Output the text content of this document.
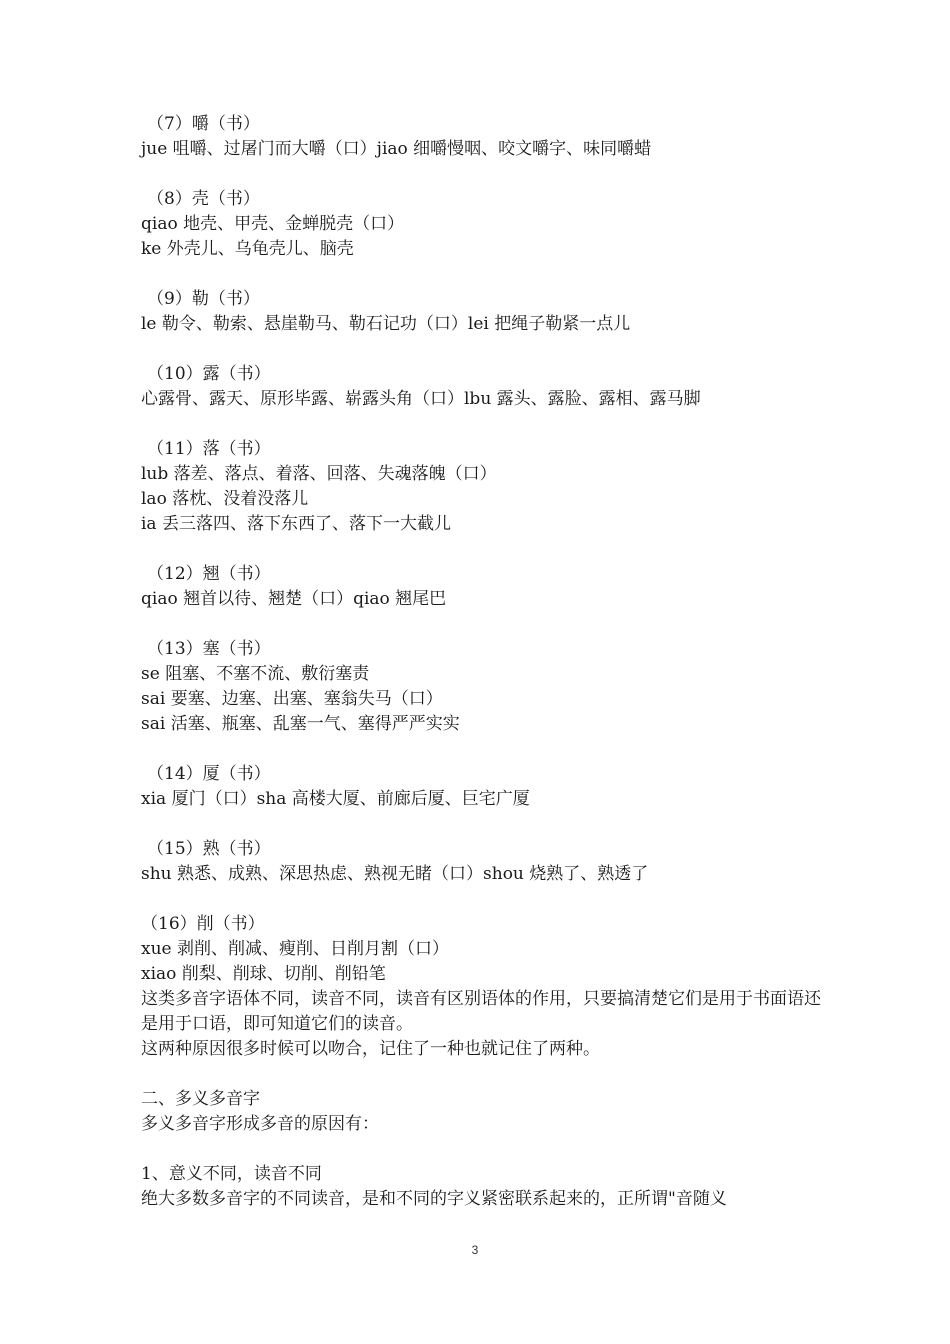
（7）嚼（书）
jue 咀嚼、过屠门而大嚼（口）jiao 细嚼慢咽、咬文嚼字、味同嚼蜡
（8）壳（书）
qiao 地壳、甲壳、金蝉脱壳（口）
ke 外壳儿、乌龟壳儿、脑壳
（9）勒（书）
le 勒令、勒索、悬崖勒马、勒石记功（口）lei 把绳子勒紧一点儿
（10）露（书）
心露骨、露天、原形毕露、崭露头角（口）lbu 露头、露脸、露相、露马脚
（11）落（书）
lub 落差、落点、着落、回落、失魂落魄（口）
lao 落枕、没着没落儿
ia 丢三落四、落下东西了、落下一大截儿
（12）翘（书）
qiao 翘首以待、翘楚（口）qiao 翘尾巴
（13）塞（书）
se 阻塞、不塞不流、敷衍塞责
sai 要塞、边塞、出塞、塞翁失马（口）
sai 活塞、瓶塞、乱塞一气、塞得严严实实
（14）厦（书）
xia 厦门（口）sha 高楼大厦、前廊后厦、巨宅广厦
（15）熟（书）
shu 熟悉、成熟、深思热虑、熟视无睹（口）shou 烧熟了、熟透了
（16）削（书）
xue 剥削、削减、瘦削、日削月割（口）
xiao 削梨、削球、切削、削铅笔
这类多音字语体不同，读音不同，读音有区别语体的作用，只要搞清楚它们是用于书面语还是用于口语，即可知道它们的读音。
这两种原因很多时候可以吻合，记住了一种也就记住了两种。
二、多义多音字
多义多音字形成多音的原因有：
1、意义不同，读音不同
绝大多数多音字的不同读音，是和不同的字义紧密联系起来的，正所谓"音随义
3
